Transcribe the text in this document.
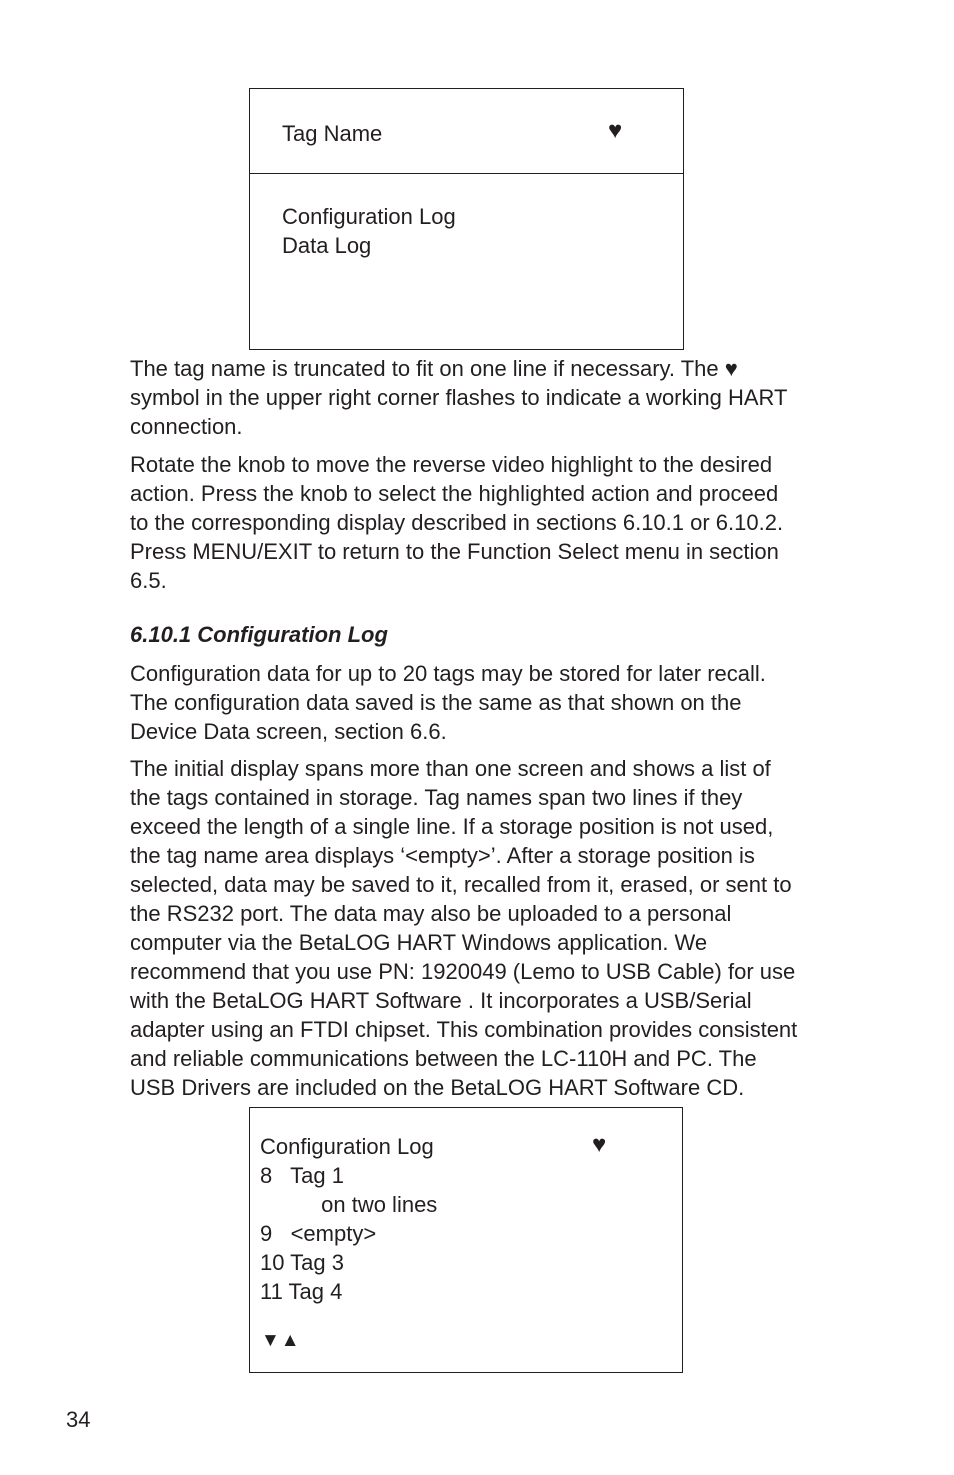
Tag Name	♥
Configuration Log
Data Log

The tag name is truncated to fit on one line if necessary. The ♥
symbol in the upper right corner flashes to indicate a working HART
connection.

Rotate the knob to move the reverse video highlight to the desired
action. Press the knob to select the highlighted action and proceed
to the corresponding display described in sections 6.10.1 or 6.10.2.
Press MENU/EXIT to return to the Function Select menu in section
6.5.

6.10.1 Configuration Log

Configuration data for up to 20 tags may be stored for later recall.
The configuration data saved is the same as that shown on the
Device Data screen, section 6.6.

The initial display spans more than one screen and shows a list of
the tags contained in storage. Tag names span two lines if they
exceed the length of a single line. If a storage position is not used,
the tag name area displays ‘<empty>’. After a storage position is
selected, data may be saved to it, recalled from it, erased, or sent to
the RS232 port. The data may also be uploaded to a personal
computer via the BetaLOG HART Windows application. We
recommend that you use PN: 1920049 (Lemo to USB Cable) for use
with the BetaLOG HART Software . It incorporates a USB/Serial
adapter using an FTDI chipset. This combination provides consistent
and reliable communications between the LC-110H and PC. The
USB Drivers are included on the BetaLOG HART Software CD.

Configuration Log	♥
8   Tag 1
on two lines
9   <empty>
10 Tag 3
11 Tag 4
▼▲
34
